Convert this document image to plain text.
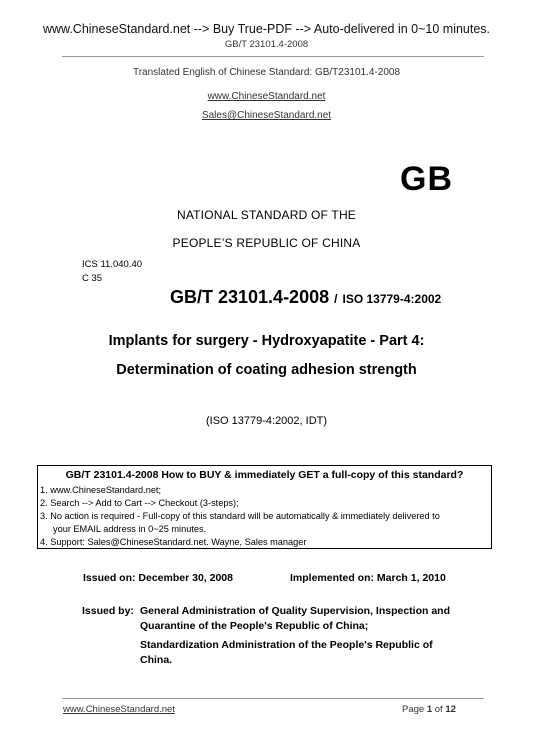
www.ChineseStandard.net --> Buy True-PDF --> Auto-delivered in 0~10 minutes.
GB/T 23101.4-2008
Translated English of Chinese Standard: GB/T23101.4-2008
www.ChineseStandard.net
Sales@ChineseStandard.net
GB
NATIONAL STANDARD OF THE
PEOPLE’S REPUBLIC OF CHINA
ICS 11.040.40
C 35
GB/T 23101.4-2008 / ISO 13779-4:2002
Implants for surgery - Hydroxyapatite - Part 4:
Determination of coating adhesion strength
(ISO 13779-4:2002, IDT)
GB/T 23101.4-2008 How to BUY & immediately GET a full-copy of this standard?
1. www.ChineseStandard.net;
2. Search --> Add to Cart --> Checkout (3-steps);
3. No action is required - Full-copy of this standard will be automatically & immediately delivered to
your EMAIL address in 0~25 minutes.
4. Support: Sales@ChineseStandard.net. Wayne, Sales manager
Issued on: December 30, 2008	Implemented on: March 1, 2010
Issued by: General Administration of Quality Supervision, Inspection and
Quarantine of the People's Republic of China;
Standardization Administration of the People's Republic of
China.
www.ChineseStandard.net	Page 1 of 12
